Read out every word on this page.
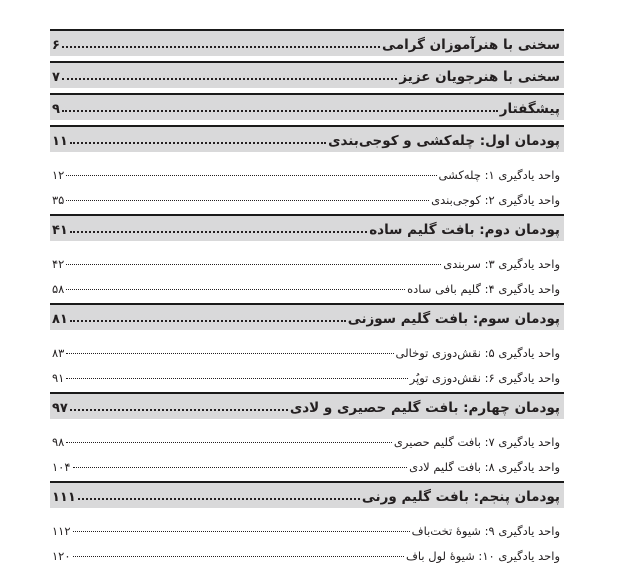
سخنی با هنرآموزان گرامی
۶
سخنی با هنرجویان عزیز
۷
پیشگفتار
۹
پودمان اول: چله‌کشی و کوجی‌بندی
۱۱
واحد یادگیری ۱: چله‌کشی
۱۲
واحد یادگیری ۲: کوجی‌بندی
۳۵
پودمان دوم: بافت گلیم ساده
۴۱
واحد یادگیری ۳: سربندی
۴۲
واحد یادگیری ۴: گلیم بافی ساده
۵۸
پودمان سوم: بافت گلیم سوزنی
۸۱
واحد یادگیری ۵: نقش‌دوزی توخالی
۸۳
واحد یادگیری ۶: نقش‌دوزی توپُر
۹۱
پودمان چهارم: بافت گلیم حصیری و لادی
۹۷
واحد یادگیری ۷: بافت گلیم حصیری
۹۸
واحد یادگیری ۸: بافت گلیم لادی
۱۰۴
پودمان پنجم: بافت گلیم ورنی
۱۱۱
واحد یادگیری ۹: شیوهٔ تخت‌باف
۱۱۲
واحد یادگیری ۱۰: شیوهٔ لول باف
۱۲۰
